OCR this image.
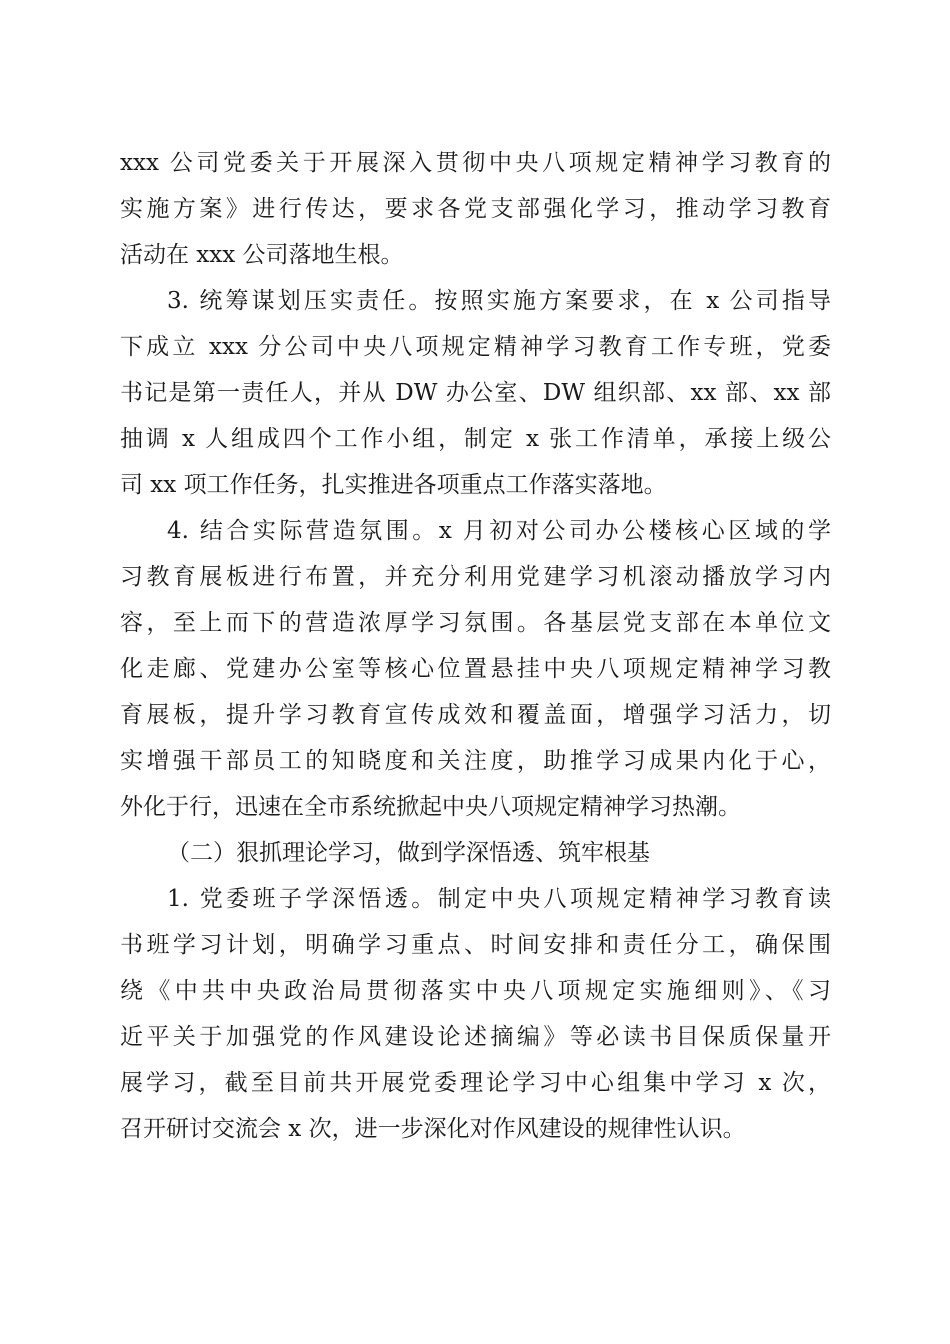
xxx 公司党委关于开展深入贯彻中央八项规定精神学习教育的
实施方案》进行传达，要求各党支部强化学习，推动学习教育
活动在 xxx 公司落地生根。
3. 统筹谋划压实责任。按照实施方案要求，在 x 公司指导
下成立 xxx 分公司中央八项规定精神学习教育工作专班，党委
书记是第一责任人，并从 DW 办公室、DW 组织部、xx 部、xx 部
抽调 x 人组成四个工作小组，制定 x 张工作清单，承接上级公
司 xx 项工作任务，扎实推进各项重点工作落实落地。
4. 结合实际营造氛围。x 月初对公司办公楼核心区域的学
习教育展板进行布置，并充分利用党建学习机滚动播放学习内
容，至上而下的营造浓厚学习氛围。各基层党支部在本单位文
化走廊、党建办公室等核心位置悬挂中央八项规定精神学习教
育展板，提升学习教育宣传成效和覆盖面，增强学习活力，切
实增强干部员工的知晓度和关注度，助推学习成果内化于心，
外化于行，迅速在全市系统掀起中央八项规定精神学习热潮。
（二）狠抓理论学习，做到学深悟透、筑牢根基
1. 党委班子学深悟透。制定中央八项规定精神学习教育读
书班学习计划，明确学习重点、时间安排和责任分工，确保围
绕《中共中央政治局贯彻落实中央八项规定实施细则》、《习
近平关于加强党的作风建设论述摘编》等必读书目保质保量开
展学习，截至目前共开展党委理论学习中心组集中学习 x 次，
召开研讨交流会 x 次，进一步深化对作风建设的规律性认识。
